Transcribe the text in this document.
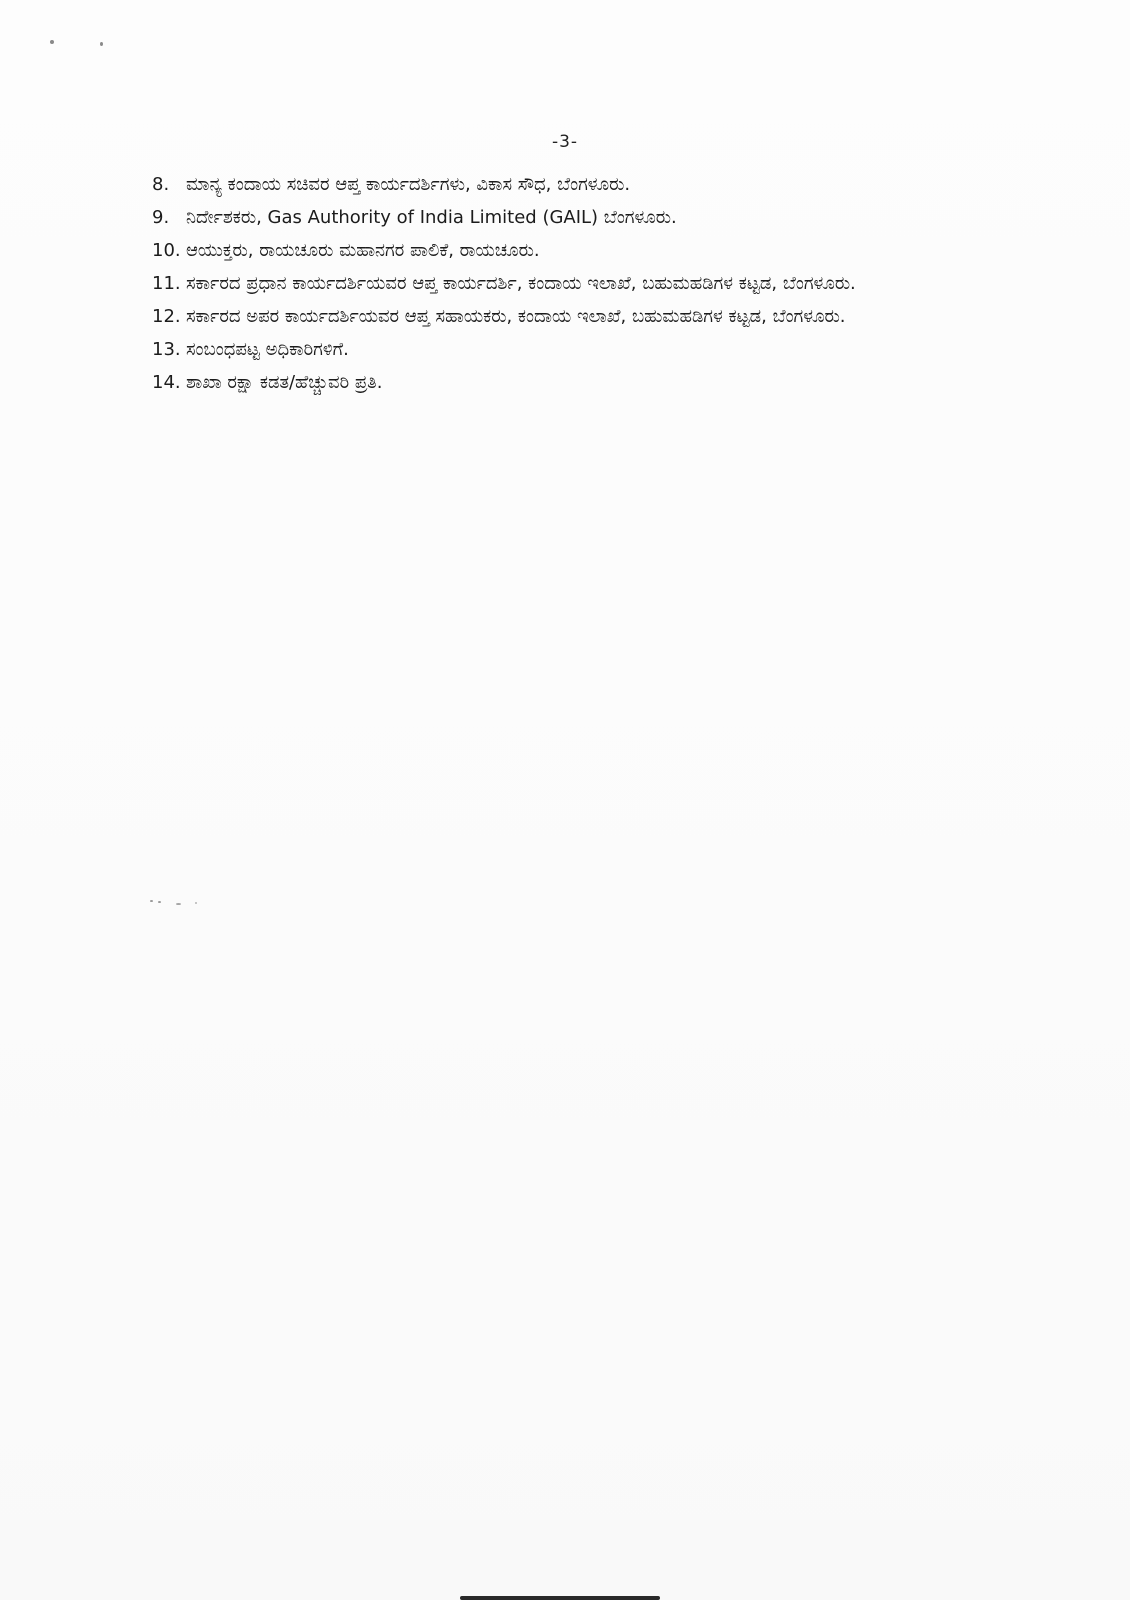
-3-
8. ಮಾನ್ಯ ಕಂದಾಯ ಸಚಿವರ ಆಪ್ತ ಕಾರ್ಯದರ್ಶಿಗಳು, ವಿಕಾಸ ಸೌಧ, ಬೆಂಗಳೂರು.
9. ನಿರ್ದೇಶಕರು, Gas Authority of India Limited (GAIL) ಬೆಂಗಳೂರು.
10. ಆಯುಕ್ತರು, ರಾಯಚೂರು ಮಹಾನಗರ ಪಾಲಿಕೆ, ರಾಯಚೂರು.
11. ಸರ್ಕಾರದ ಪ್ರಧಾನ ಕಾರ್ಯದರ್ಶಿಯವರ ಆಪ್ತ ಕಾರ್ಯದರ್ಶಿ, ಕಂದಾಯ ಇಲಾಖೆ, ಬಹುಮಹಡಿಗಳ ಕಟ್ಟಡ, ಬೆಂಗಳೂರು.
12. ಸರ್ಕಾರದ ಅಪರ ಕಾರ್ಯದರ್ಶಿಯವರ ಆಪ್ತ ಸಹಾಯಕರು, ಕಂದಾಯ ಇಲಾಖೆ, ಬಹುಮಹಡಿಗಳ ಕಟ್ಟಡ, ಬೆಂಗಳೂರು.
13. ಸಂಬಂಧಪಟ್ಟ ಅಧಿಕಾರಿಗಳಿಗೆ.
14. ಶಾಖಾ ರಕ್ಷಾ ಕಡತ/ಹೆಚ್ಚುವರಿ ಪ್ರತಿ.
